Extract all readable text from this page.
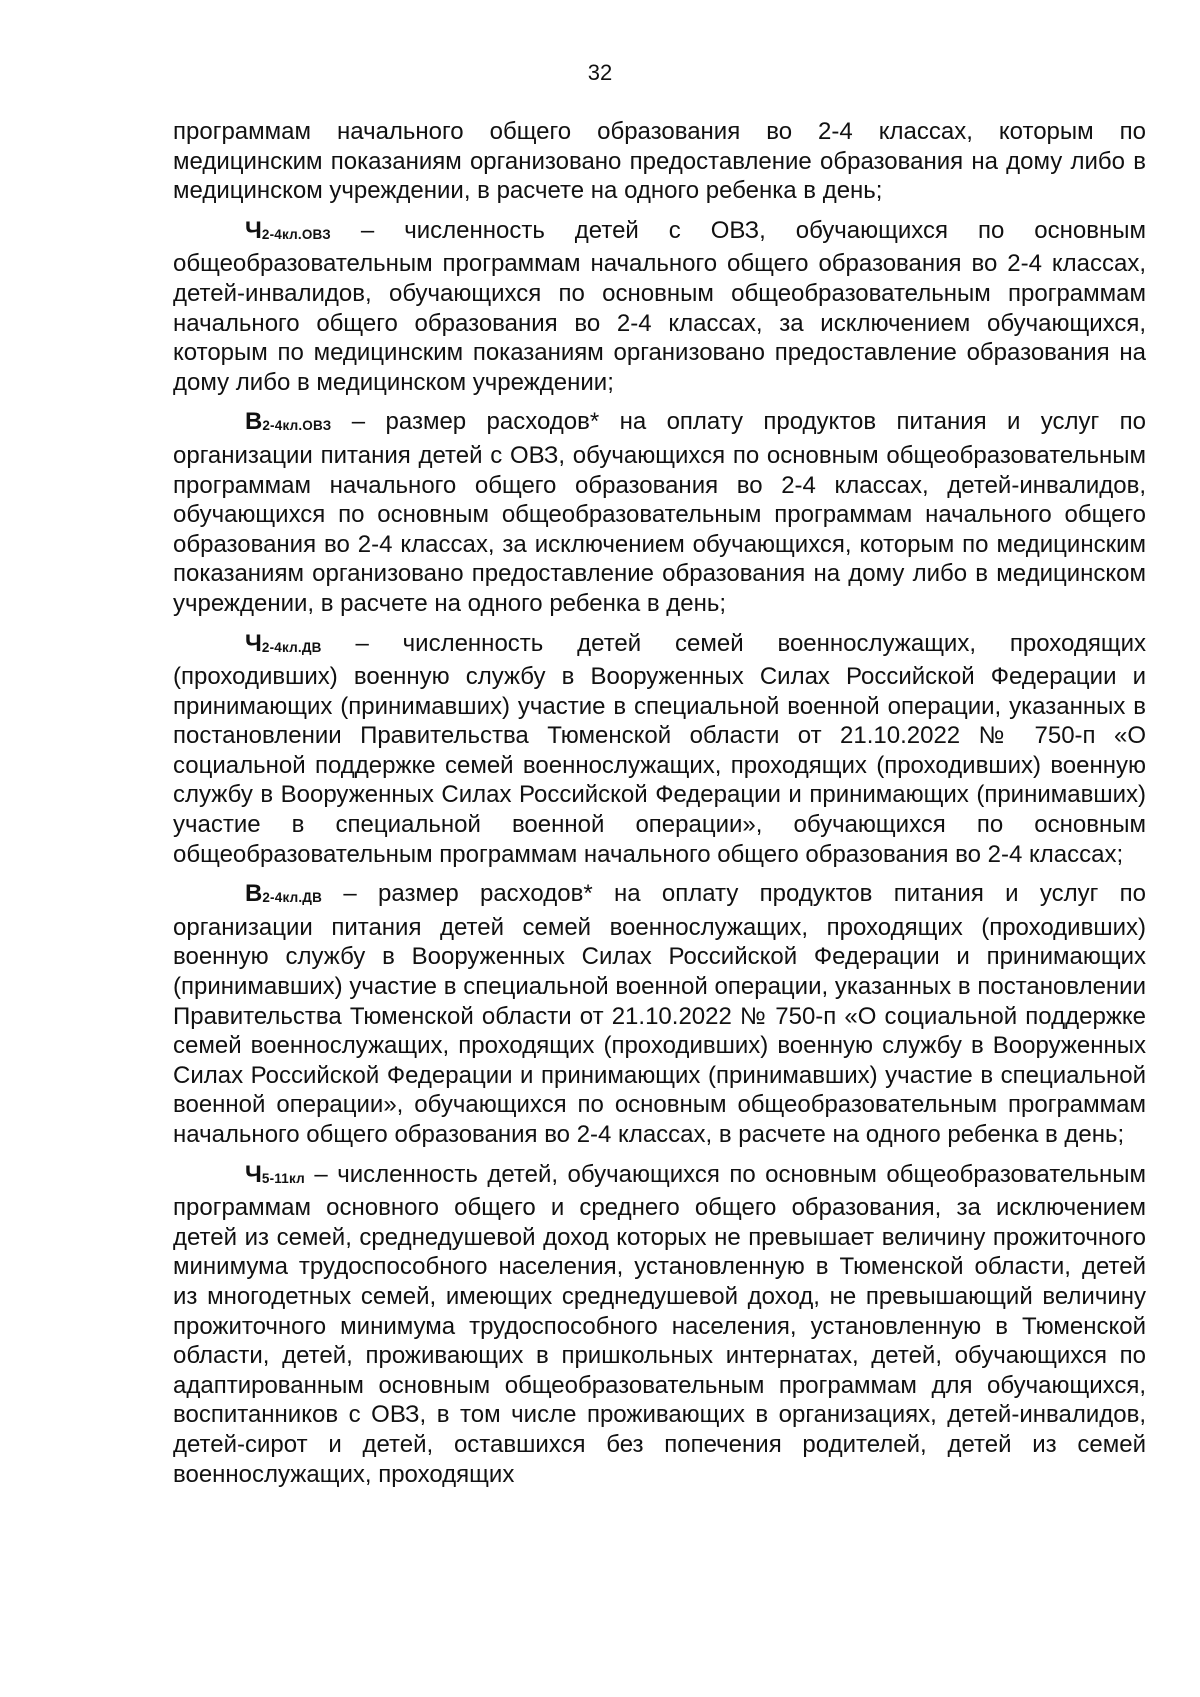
32

программам начального общего образования во 2-4 классах, которым по медицинским показаниям организовано предоставление образования на дому либо в медицинском учреждении, в расчете на одного ребенка в день;

Ч2-4кл.ОВЗ – численность детей с ОВЗ, обучающихся по основным общеобразовательным программам начального общего образования во 2-4 классах, детей-инвалидов, обучающихся по основным общеобразовательным программам начального общего образования во 2-4 классах, за исключением обучающихся, которым по медицинским показаниям организовано предоставление образования на дому либо в медицинском учреждении;

В2-4кл.ОВЗ – размер расходов* на оплату продуктов питания и услуг по организации питания детей с ОВЗ, обучающихся по основным общеобразовательным программам начального общего образования во 2-4 классах, детей-инвалидов, обучающихся по основным общеобразовательным программам начального общего образования во 2-4 классах, за исключением обучающихся, которым по медицинским показаниям организовано предоставление образования на дому либо в медицинском учреждении, в расчете на одного ребенка в день;

Ч2-4кл.ДВ – численность детей семей военнослужащих, проходящих (проходивших) военную службу в Вооруженных Силах Российской Федерации и принимающих (принимавших) участие в специальной военной операции, указанных в постановлении Правительства Тюменской области от 21.10.2022 № 750-п «О социальной поддержке семей военнослужащих, проходящих (проходивших) военную службу в Вооруженных Силах Российской Федерации и принимающих (принимавших) участие в специальной военной операции», обучающихся по основным общеобразовательным программам начального общего образования во 2-4 классах;

В2-4кл.ДВ – размер расходов* на оплату продуктов питания и услуг по организации питания детей семей военнослужащих, проходящих (проходивших) военную службу в Вооруженных Силах Российской Федерации и принимающих (принимавших) участие в специальной военной операции, указанных в постановлении Правительства Тюменской области от 21.10.2022 № 750-п «О социальной поддержке семей военнослужащих, проходящих (проходивших) военную службу в Вооруженных Силах Российской Федерации и принимающих (принимавших) участие в специальной военной операции», обучающихся по основным общеобразовательным программам начального общего образования во 2-4 классах, в расчете на одного ребенка в день;

Ч5-11кл – численность детей, обучающихся по основным общеобразовательным программам основного общего и среднего общего образования, за исключением детей из семей, среднедушевой доход которых не превышает величину прожиточного минимума трудоспособного населения, установленную в Тюменской области, детей из многодетных семей, имеющих среднедушевой доход, не превышающий величину прожиточного минимума трудоспособного населения, установленную в Тюменской области, детей, проживающих в пришкольных интернатах, детей, обучающихся по адаптированным основным общеобразовательным программам для обучающихся, воспитанников с ОВЗ, в том числе проживающих в организациях, детей-инвалидов, детей-сирот и детей, оставшихся без попечения родителей, детей из семей военнослужащих, проходящих
